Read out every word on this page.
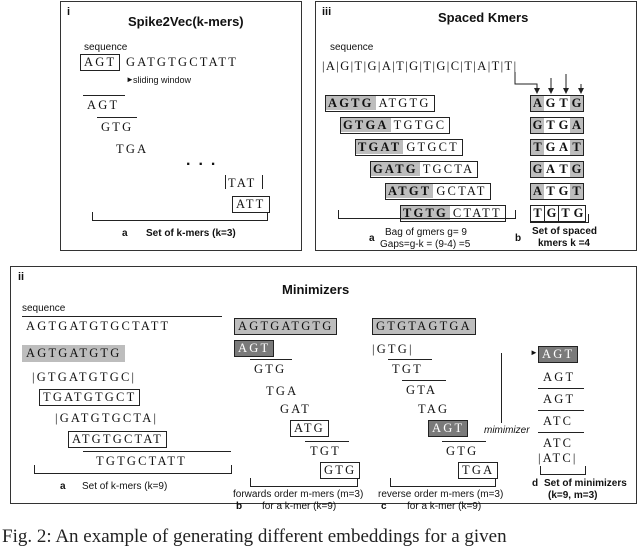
i
Spike2Vec(k-mers)
sequence
AGT GATGTGCTATT
sliding window
►
AGT
GTG
TGA
...
TAT
ATT
a Set of k-mers (k=3)
iii	Spaced Kmers
sequence
|A|G|T|G|A|T|G|T|G|C|T|A|T|T|
AGTG ATGTG
GTGA TGTGC
TGAT GTGCT
GATG TGCTA
ATGT GCTAT
TGTG CTATT
a
Bag of gmers g= 9
Gaps=g-k = (9-4) =5
A G T G
G T G A
T G A T
G A T G
A T G T
T G T G
b
Set of spaced
kmers k =4
ii
Minimizers
sequence
AGTGATGTGCTATT
AGTGATGTG
|GTGATGTGC|
TGATGTGCT
|GATGTGCTA|
ATGTGCTAT
TGTGCTATT
a Set of k-mers (k=9)
AGTGATGTG
AGT
GTG
TGA
GAT
ATG
TGT
GTG
forwards order m-mers (m=3)
b for a k-mer (k=9)
GTGTAGTGA
|GTG|
TGT
GTA
TAG
AGT
GTG
TGA
mimimizer
reverse order m-mers (m=3)
c for a k-mer (k=9)
► AGT
AGT
AGT
ATC
ATC
|ATC|
d Set of minimizers
(k=9, m=3)
Fig. 2: An example of generating different embeddings for a given
